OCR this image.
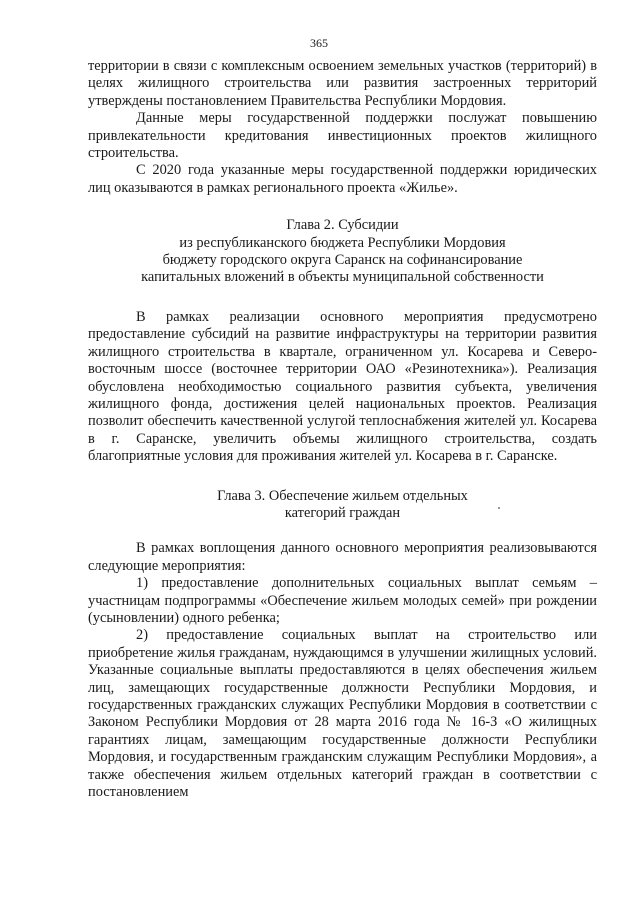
365

территории в связи с комплексным освоением земельных участков (территорий) в целях жилищного строительства или развития застроенных территорий утверждены постановлением Правительства Республики Мордовия.

Данные меры государственной поддержки послужат повышению привлекательности кредитования инвестиционных проектов жилищного строительства.

С 2020 года указанные меры государственной поддержки юридических лиц оказываются в рамках регионального проекта «Жилье».

Глава 2. Субсидии

из республиканского бюджета Республики Мордовия

бюджету городского округа Саранск на софинансирование

капитальных вложений в объекты муниципальной собственности

В рамках реализации основного мероприятия предусмотрено предоставление субсидий на развитие инфраструктуры на территории развития жилищного строительства в квартале, ограниченном ул. Косарева и Северо-восточным шоссе (восточнее территории ОАО «Резинотехника»). Реализация обусловлена необходимостью социального развития субъекта, увеличения жилищного фонда, достижения целей национальных проектов. Реализация позволит обеспечить качественной услугой теплоснабжения жителей ул. Косарева в г. Саранске, увеличить объемы жилищного строительства, создать благоприятные условия для проживания жителей ул. Косарева в г. Саранске.

Глава 3. Обеспечение жильем отдельных

категорий граждан

В рамках воплощения данного основного мероприятия реализовываются следующие мероприятия:

1) предоставление дополнительных социальных выплат семьям – участницам подпрограммы «Обеспечение жильем молодых семей» при рождении (усыновлении) одного ребенка;

2) предоставление социальных выплат на строительство или приобретение жилья гражданам, нуждающимся в улучшении жилищных условий. Указанные социальные выплаты предоставляются в целях обеспечения жильем лиц, замещающих государственные должности Республики Мордовия, и государственных гражданских служащих Республики Мордовия в соответствии с Законом Республики Мордовия от 28 марта 2016 года № 16-З «О жилищных гарантиях лицам, замещающим государственные должности Республики Мордовия, и государственным гражданским служащим Республики Мордовия», а также обеспечения жильем отдельных категорий граждан в соответствии с постановлением
